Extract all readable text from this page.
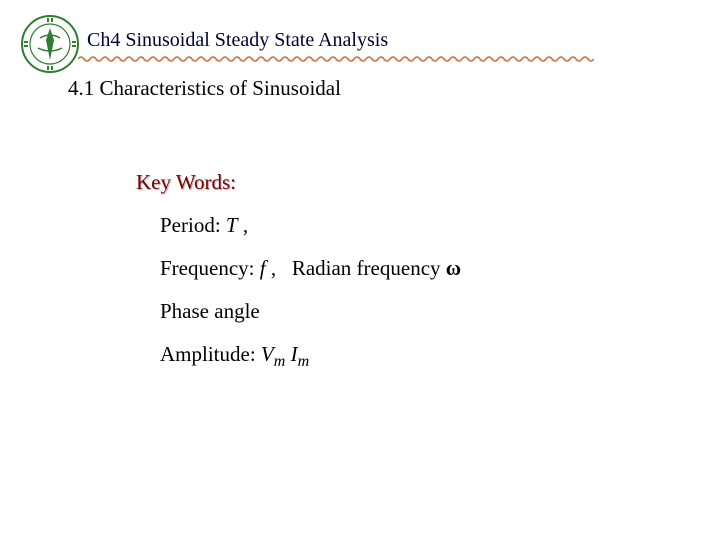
Ch4 Sinusoidal Steady State Analysis
4.1 Characteristics of Sinusoidal
Key Words:
Period: T ,
Frequency: f ,   Radian frequency ω
Phase angle
Amplitude: $V_m$ $I_m$
